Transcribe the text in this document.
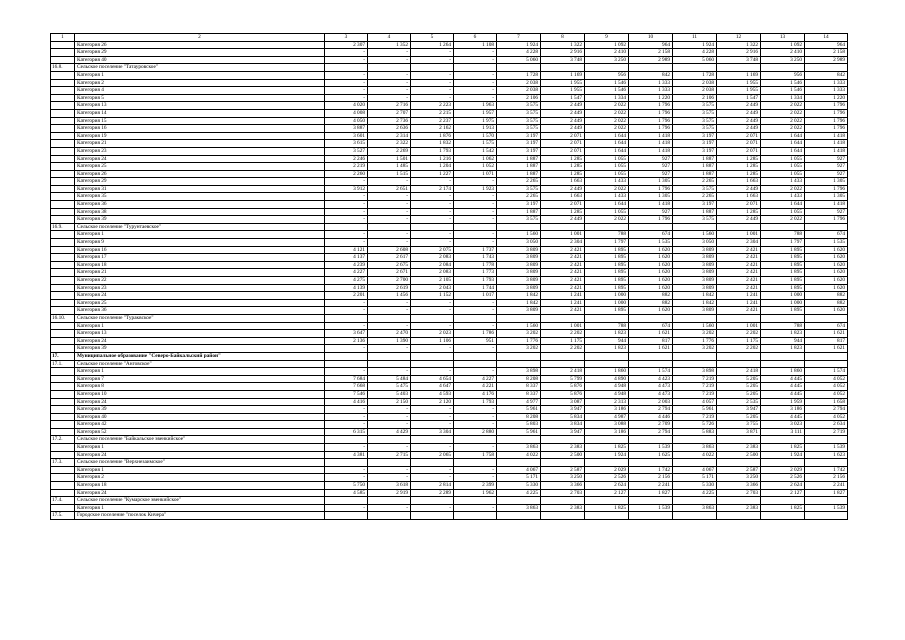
1	2	3	4	5	6	7	8	9	10	11	12	13	14
	Категория 26	2 307	1 352	1 264	1 108	1 924	1 322	1 092	964	1 924	1 322	1 092	964
	Категория 29	-	-	-	-	4 228	2 916	2 410	2 158	4 228	2 916	2 410	2 158
	Категория 40	-	-	-	-	5 060	3 748	3 250	2 989	5 060	3 748	3 250	2 989
16.8.	Сельское поселение "Татауровское"												
	Категория 1	-	-	-	-	1 728	1 169	956	842	1 728	1 169	956	842
	Категория 2	-	-	-	-	2 038	1 955	1 546	1 333	2 038	1 955	1 546	1 333
	Категория 4	-	-	-	-	2 038	1 955	1 546	1 333	2 038	1 955	1 546	1 333
	Категория 5	-	-	-	-	2 106	1 547	1 334	1 220	2 106	1 547	1 334	1 220
	Категория 13	4 020	2 716	2 223	1 963	3 575	2 449	2 022	1 796	3 575	2 449	2 022	1 796
	Категория 14	4 008	2 707	2 215	1 957	3 575	2 449	2 022	1 796	3 575	2 449	2 022	1 796
	Категория 15	4 050	2 736	2 237	1 975	3 575	2 449	2 022	1 796	3 575	2 449	2 022	1 796
	Категория 16	3 887	2 636	2 162	1 913	3 575	2 449	2 022	1 796	3 575	2 449	2 022	1 796
	Категория 19	3 601	2 314	1 876	1 570	3 197	2 071	1 644	1 418	3 197	2 071	1 644	1 418
	Категория 21	3 615	2 322	1 832	1 575	3 197	2 071	1 644	1 418	3 197	2 071	1 644	1 418
	Категория 23	3 527	2 269	1 793	1 542	3 197	2 071	1 644	1 418	3 197	2 071	1 644	1 418
	Категория 24	2 246	1 501	1 216	1 062	1 887	1 285	1 055	927	1 887	1 285	1 055	927
	Категория 25	2 219	1 485	1 204	1 052	1 887	1 285	1 055	927	1 887	1 285	1 055	927
	Категория 26	2 260	1 515	1 227	1 071	1 887	1 285	1 055	927	1 887	1 285	1 055	927
	Категория 29	-	-	-	-	2 265	1 663	1 433	1 305	2 265	1 663	1 433	1 305
	Категория 31	3 912	2 651	2 174	1 923	3 575	2 449	2 022	1 796	3 575	2 449	2 022	1 796
	Категория 35	-	-	-	-	2 265	1 663	1 433	1 305	2 265	1 663	1 433	1 305
	Категория 36	-	-	-	-	3 197	2 071	1 644	1 418	3 197	2 071	1 644	1 418
	Категория 38	-	-	-	-	1 887	1 285	1 055	927	1 887	1 285	1 055	927
	Категория 39	-	-	-	-	3 575	2 449	2 022	1 796	3 575	2 449	2 022	1 796
16.9.	Сельское поселение "Турунтаевское"												
	Категория 1	-	-	-	-	1 560	1 001	788	674	1 560	1 001	788	674
	Категория 9	-	-	-	-	3 050	2 304	1 797	1 535	3 050	2 304	1 797	1 535
	Категория 16	4 121	2 608	2 075	1 737	3 809	2 421	1 895	1 620	3 809	2 421	1 895	1 620
	Категория 17	4 137	2 617	2 083	1 743	3 809	2 421	1 895	1 620	3 809	2 421	1 895	1 620
	Категория 18	4 239	2 675	2 084	1 778	3 809	2 421	1 895	1 620	3 809	2 421	1 895	1 620
	Категория 21	4 227	2 671	2 083	1 773	3 809	2 421	1 895	1 620	3 809	2 421	1 895	1 620
	Категория 22	4 275	2 700	2 105	1 793	3 809	2 421	1 895	1 620	3 809	2 421	1 895	1 620
	Категория 23	4 139	2 619	2 043	1 744	3 809	2 421	1 895	1 620	3 809	2 421	1 895	1 620
	Категория 24	2 201	1 456	1 152	1 017	1 842	1 241	1 000	882	1 842	1 241	1 000	882
	Категория 25	-	-	-	-	1 842	1 241	1 000	882	1 842	1 241	1 000	882
	Категория 36	-	-	-	-	3 809	2 421	1 895	1 620	3 809	2 421	1 895	1 620
16.10.	Сельское поселение "Тураквское"												
	Категория 1	-	-	-	-	1 560	1 001	788	674	1 560	1 001	788	674
	Категория 13	3 647	2 470	2 023	1 786	3 202	2 202	1 823	1 621	3 202	2 202	1 823	1 621
	Категория 24	2 136	1 390	1 106	951	1 776	1 175	944	817	1 776	1 175	944	817
	Категория 39	-	-	-	-	3 202	2 202	1 823	1 621	3 202	2 202	1 823	1 621
17.	Муниципальное образование "Северо-Байкальский район"												
17.1.	Сельское поселение "Анговское"												
	Категория 1	-	-	-	-	3 898	2 418	1 860	1 574	3 898	2 418	1 860	1 574
	Категория 7	7 684	5 484	4 654	4 227	8 208	5 799	4 890	4 423	7 219	5 205	4 445	4 052
	Категория 8	7 668	5 475	4 647	4 221	8 337	5 876	4 948	4 473	7 219	5 205	4 445	4 052
	Категория 10	7 546	5 403	4 593	4 176	8 337	5 876	4 948	4 473	7 219	5 205	4 445	4 052
	Категория 24	4 416	2 150	2 120	1 793	4 977	3 087	2 313	2 003	4 057	2 535	1 959	1 658
	Категория 39	-	-	-	-	5 961	3 947	3 186	2 794	5 961	3 947	3 186	2 794
	Категория 40	-	-	-	-	8 208	5 834	4 987	4 446	7 219	5 205	4 445	4 052
	Категория 42	-	-	-	-	5 803	3 834	3 088	2 709	5 726	3 755	3 023	2 634
	Категория 52	6 315	4 429	3 304	2 880	5 961	3 947	3 186	2 794	5 883	3 871	3 111	2 719
17.2.	Сельское поселение "Байкальское эвенкийское"												
	Категория 1	-	-	-	-	3 863	2 383	1 825	1 539	3 863	2 383	1 825	1 539
	Категория 24	4 381	2 715	2 065	1 758	4 022	2 500	1 924	1 625	4 022	2 500	1 924	1 623
17.3.	Сельское поселение "Верхнезаимское"												
	Категория 1	-	-	-	-	4 067	2 587	2 029	1 742	4 067	2 587	2 029	1 742
	Категория 2	-	-	-	-	5 171	3 250	2 526	2 156	5 171	3 250	2 526	2 156
	Категория 18	5 750	3 618	2 814	2 399	5 330	3 366	2 624	2 241	5 330	3 366	2 624	2 241
	Категория 24	4 585	2 919	2 289	1 962	4 225	2 703	2 127	1 827	4 225	2 703	2 127	1 827
17.4.	Сельское поселение "Кумарское эвенкийское"												
	Категория 1	-	-	-	-	3 863	2 383	1 825	1 539	3 863	2 383	1 825	1 539
17.5.	Городское поселение "поселок Кичера"												
